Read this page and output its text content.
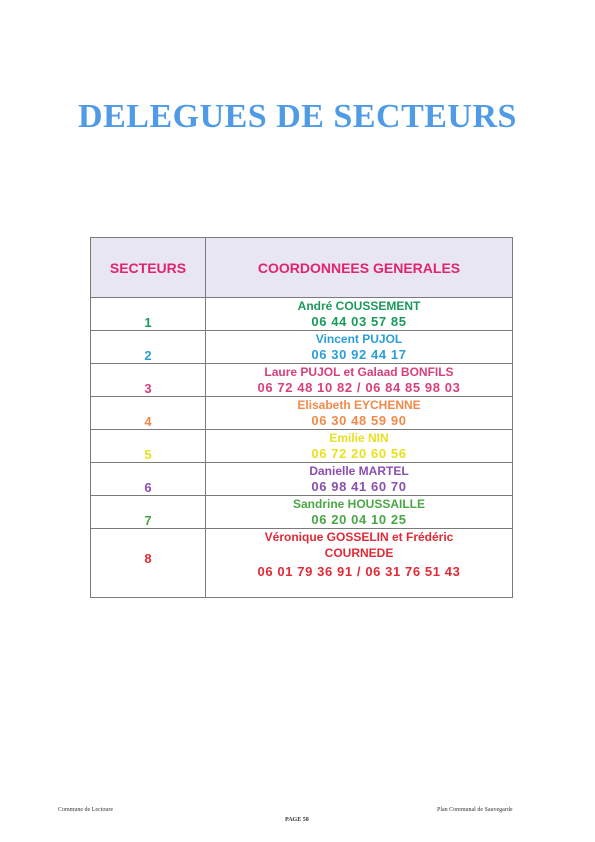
DELEGUES DE SECTEURS
SECTEURS	COORDONNEES GENERALES
1	André COUSSEMENT
06 44 03 57 85

2	Vincent PUJOL
06 30 92 44 17

3	Laure PUJOL et Galaad BONFILS
06 72 48 10 82 / 06 84 85 98 03

4	Elisabeth EYCHENNE
06 30 48 59 90

5	Emilie NIN
06 72 20 60 56

6	Danielle MARTEL
06 98 41 60 70

7	Sandrine HOUSSAILLE
06 20 04 10 25

8	Véronique GOSSELIN et Frédéric
COURNEDE
06 01 79 36 91 / 06 31 76 51 43
Commune de Lectoure
PAGE 58
Plan Communal de Sauvegarde
